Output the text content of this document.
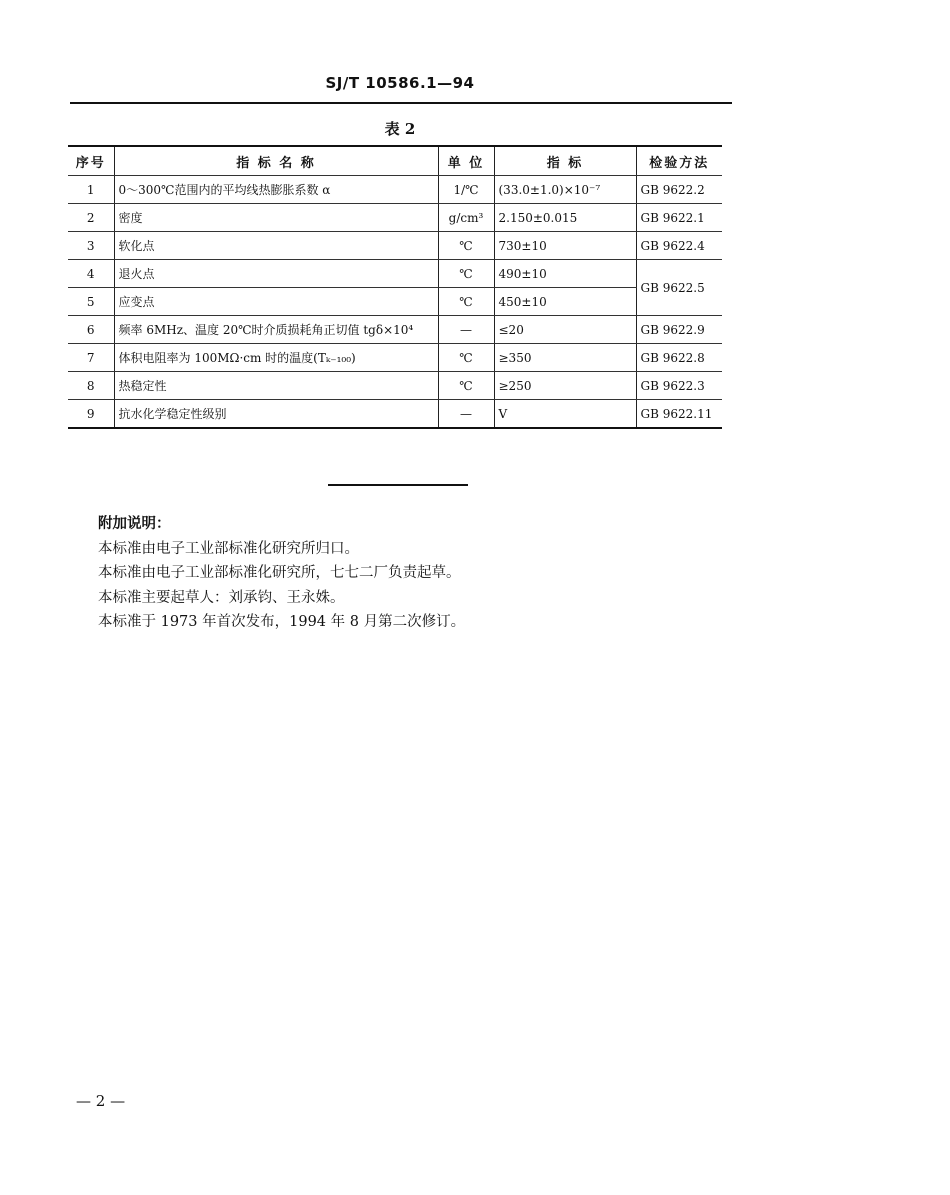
SJ/T 10586.1—94
表 2
序号	指 标 名 称	单 位	指 标	检验方法
1	0～300℃范围内的平均线热膨胀系数 α	1/℃	(33.0±1.0)×10⁻⁷	GB 9622.2
2	密度	g/cm³	2.150±0.015	GB 9622.1
3	软化点	℃	730±10	GB 9622.4
4	退火点	℃	490±10	GB 9622.5
5	应变点	℃	450±10	
6	频率 6MHz、温度 20℃时介质损耗角正切值 tgδ×10⁴	—	≤20	GB 9622.9
7	体积电阻率为 100MΩ·cm 时的温度(Tₖ₋₁₀₀)	℃	≥350	GB 9622.8
8	热稳定性	℃	≥250	GB 9622.3
9	抗水化学稳定性级别	—	V	GB 9622.11

附加说明：

本标准由电子工业部标准化研究所归口。

本标准由电子工业部标准化研究所，七七二厂负责起草。

本标准主要起草人：刘承钧、王永姝。

本标准于 1973 年首次发布，1994 年 8 月第二次修订。

— 2 —
